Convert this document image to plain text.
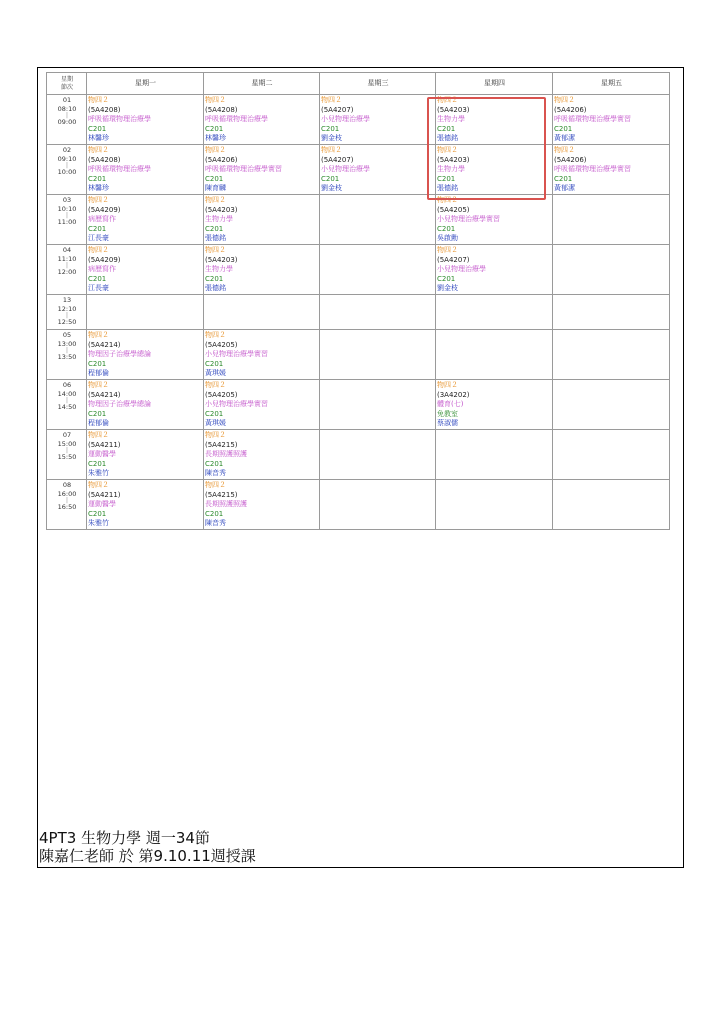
星期
節次	星期一	星期二	星期三	星期四	星期五

01
08:10
|
09:00	物四２
(5A4208)
呼吸循環物理治療學
C201
林馨珍	物四２
(5A4208)
呼吸循環物理治療學
C201
林馨珍	物四２
(5A4207)
小兒物理治療學
C201
劉金枝	物四２
(5A4203)
生物力學
C201
張德銘	物四２
(5A4206)
呼吸循環物理治療學實習
C201
黃郁潔

02
09:10
|
10:00	物四２
(5A4208)
呼吸循環物理治療學
C201
林馨珍	物四２
(5A4206)
呼吸循環物理治療學實習
C201
陳育麟	物四２
(5A4207)
小兒物理治療學
C201
劉金枝	物四２
(5A4203)
生物力學
C201
張德銘	物四２
(5A4206)
呼吸循環物理治療學實習
C201
黃郁潔

03
10:10
|
11:00	物四２
(5A4209)
病歷寫作
C201
江長豪	物四２
(5A4203)
生物力學
C201
張德銘		物四２
(5A4205)
小兒物理治療學實習
C201
吳啟勳	

04
11:10
|
12:00	物四２
(5A4209)
病歷寫作
C201
江長豪	物四２
(5A4203)
生物力學
C201
張德銘		物四２
(5A4207)
小兒物理治療學
C201
劉金枝	

13
12:10
|
12:50					

05
13:00
|
13:50	物四２
(5A4214)
物理因子治療學總論
C201
程郁倫	物四２
(5A4205)
小兒物理治療學實習
C201
黃琪媛			

06
14:00
|
14:50	物四２
(5A4214)
物理因子治療學總論
C201
程郁倫	物四２
(5A4205)
小兒物理治療學實習
C201
黃琪媛		物四２
(3A4202)
體育(七)
免教室
蔡淑儒	

07
15:00
|
15:50	物四２
(5A4211)
運動醫學
C201
朱雅竹	物四２
(5A4215)
長期照護照護
C201
陳音秀			

08
16:00
|
16:50	物四２
(5A4211)
運動醫學
C201
朱雅竹	物四２
(5A4215)
長期照護照護
C201
陳音秀			

4PT3 生物力學 週一34節
陳嘉仁老師 於 第9.10.11週授課
